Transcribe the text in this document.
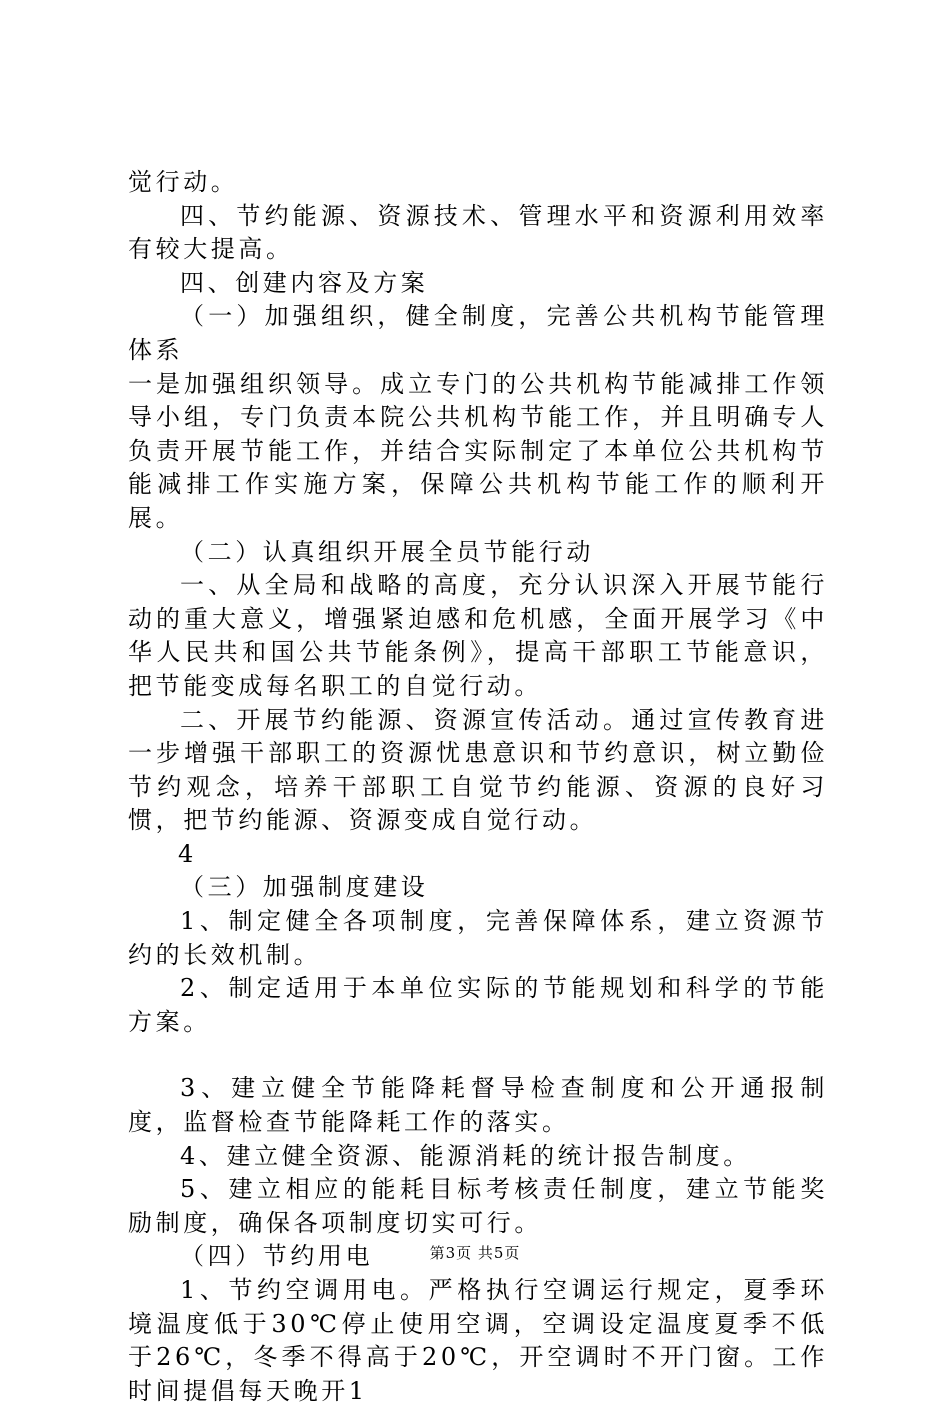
觉行动。

四、节约能源、资源技术、管理水平和资源利用效率有较大提高。

四、创建内容及方案

（一）加强组织，健全制度，完善公共机构节能管理体系

一是加强组织领导。成立专门的公共机构节能减排工作领导小组，专门负责本院公共机构节能工作，并且明确专人负责开展节能工作，并结合实际制定了本单位公共机构节能减排工作实施方案，保障公共机构节能工作的顺利开展。

（二）认真组织开展全员节能行动

一、从全局和战略的高度，充分认识深入开展节能行动的重大意义，增强紧迫感和危机感，全面开展学习《中华人民共和国公共节能条例》，提高干部职工节能意识，把节能变成每名职工的自觉行动。

二、开展节约能源、资源宣传活动。通过宣传教育进一步增强干部职工的资源忧患意识和节约意识，树立勤俭节约观念，培养干部职工自觉节约能源、资源的良好习惯，把节约能源、资源变成自觉行动。

4

（三）加强制度建设

1、制定健全各项制度，完善保障体系，建立资源节约的长效机制。

2、制定适用于本单位实际的节能规划和科学的节能方案。

3、建立健全节能降耗督导检查制度和公开通报制度，监督检查节能降耗工作的落实。

4、建立健全资源、能源消耗的统计报告制度。

5、建立相应的能耗目标考核责任制度，建立节能奖励制度，确保各项制度切实可行。

（四）节约用电

1、节约空调用电。严格执行空调运行规定，夏季环境温度低于30℃停止使用空调，空调设定温度夏季不低于26℃，冬季不得高于20℃，开空调时不开门窗。工作时间提倡每天晚开1

第3页 共5页
